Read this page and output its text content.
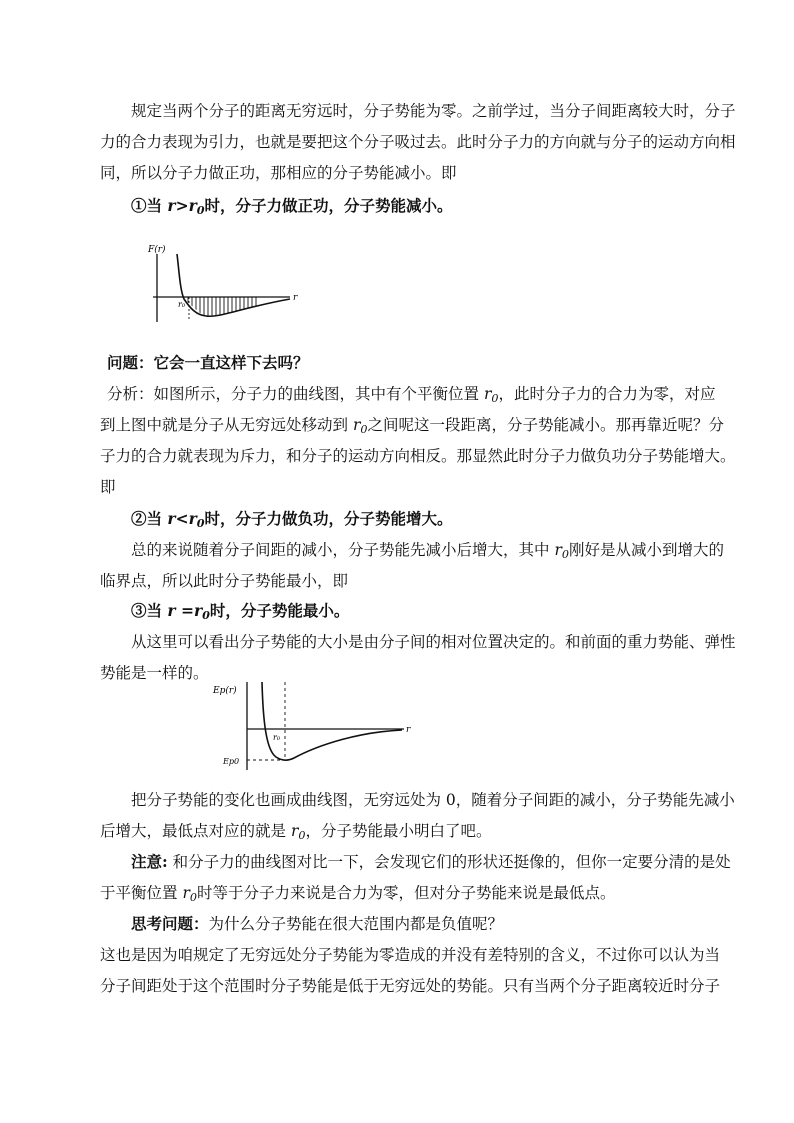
  规定当两个分子的距离无穷远时，分子势能为零。之前学过，当分子间距离较大时，分子
力的合力表现为引力，也就是要把这个分子吸过去。此时分子力的方向就与分子的运动方向相
同，所以分子力做正功，那相应的分子势能减小。即
①当 $r>r_0$时，分子力做正功，分子势能减小。
F(r)
r
r₀
问题：它会一直这样下去吗？
分析：如图所示，分子力的曲线图，其中有个平衡位置 $r_0$，此时分子力的合力为零，对应
到上图中就是分子从无穷远处移动到 $r_0$之间呢这一段距离，分子势能减小。那再靠近呢？分
子力的合力就表现为斥力，和分子的运动方向相反。那显然此时分子力做负功分子势能增大。
即
②当 $r<r_0$时，分子力做负功，分子势能增大。
总的来说随着分子间距的减小，分子势能先减小后增大，其中 $r_0$刚好是从减小到增大的
临界点，所以此时分子势能最小，即
③当 $r =r_0$时，分子势能最小。
从这里可以看出分子势能的大小是由分子间的相对位置决定的。和前面的重力势能、弹性
势能是一样的。
Ep(r)
r
r₀
Ep0
把分子势能的变化也画成曲线图，无穷远处为 0，随着分子间距的减小，分子势能先减小
后增大，最低点对应的就是 $r_0$，分子势能最小明白了吧。
注意: 和分子力的曲线图对比一下，会发现它们的形状还挺像的，但你一定要分清的是处
于平衡位置 $r_0$时等于分子力来说是合力为零，但对分子势能来说是最低点。
思考问题：为什么分子势能在很大范围内都是负值呢？
这也是因为咱规定了无穷远处分子势能为零造成的并没有差特别的含义，不过你可以认为当
分子间距处于这个范围时分子势能是低于无穷远处的势能。只有当两个分子距离较近时分子
